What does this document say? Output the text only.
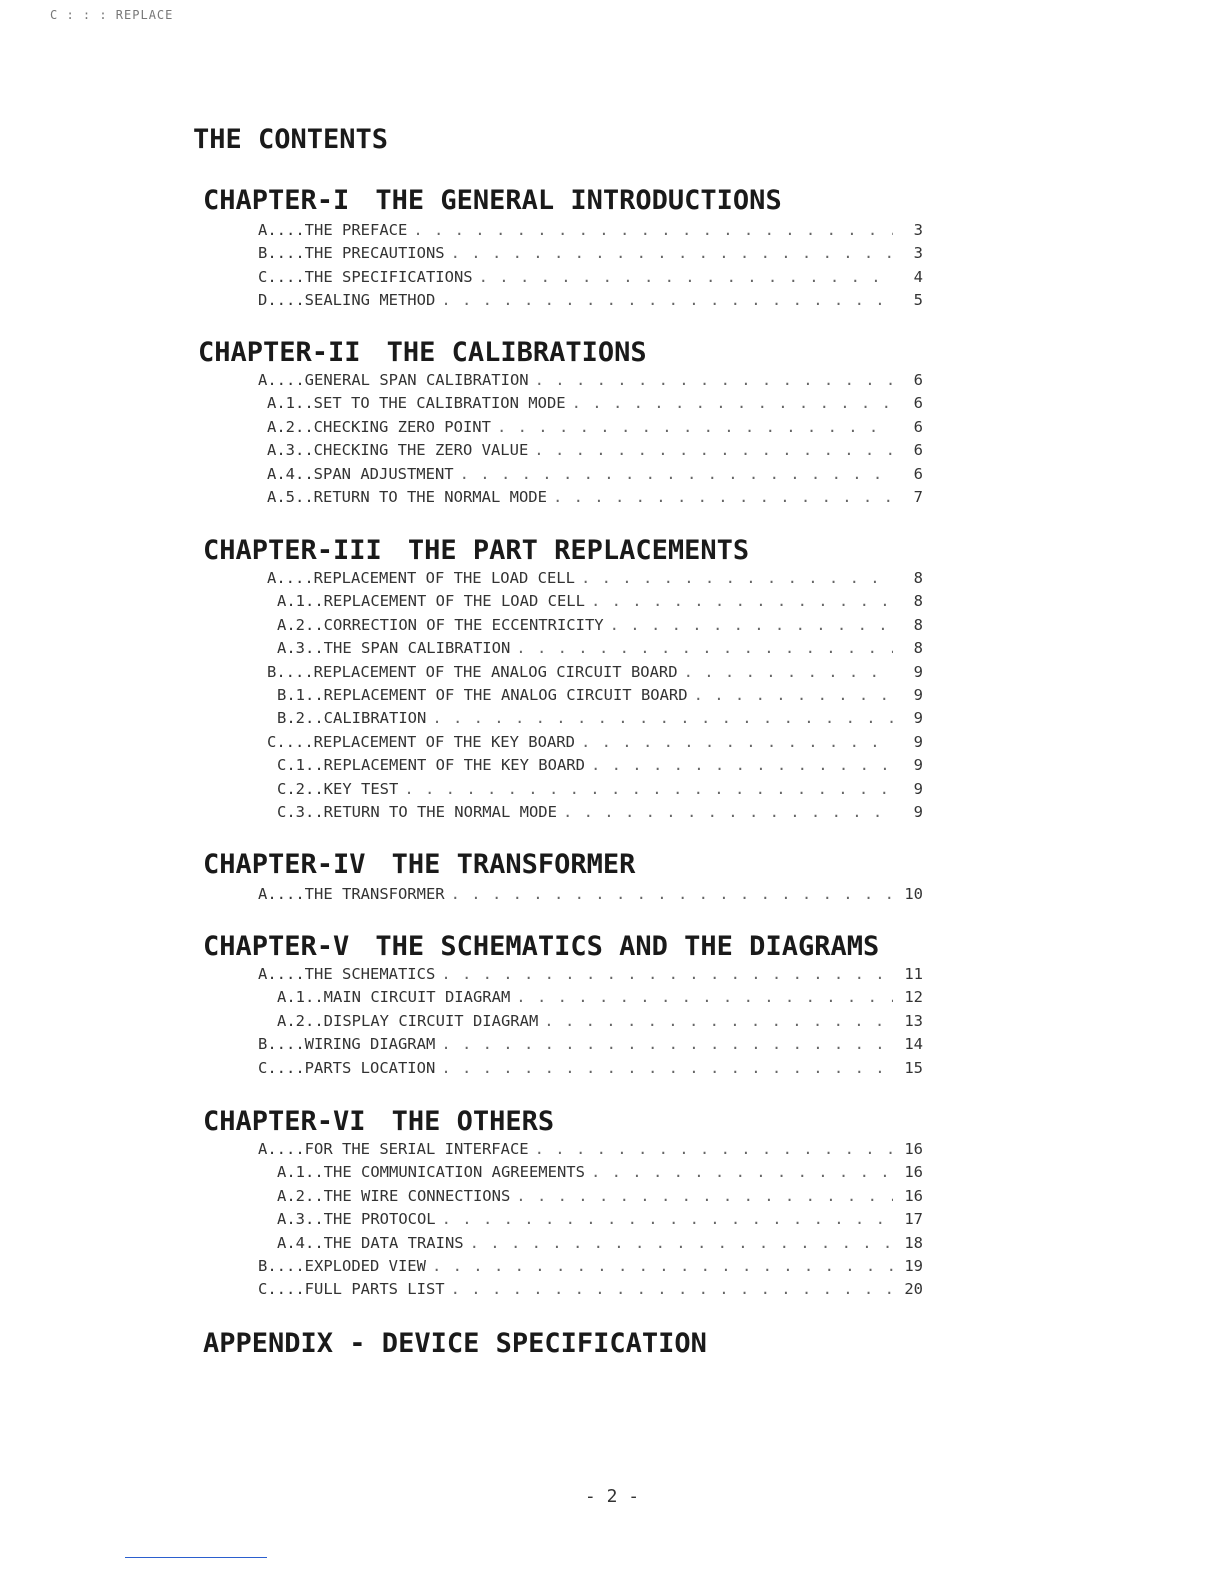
C : : : REPLACE
THE CONTENTS
CHAPTER-I THE GENERAL INTRODUCTIONS
A....THE PREFACE . . .	3
B....THE PRECAUTIONS . . .	3
C....THE SPECIFICATIONS . . .	4
D....SEALING METHOD . . .	5
CHAPTER-II THE CALIBRATIONS
A....GENERAL SPAN CALIBRATION . . .	6
A.1..SET TO THE CALIBRATION MODE . . .	6
A.2..CHECKING ZERO POINT . . .	6
A.3..CHECKING THE ZERO VALUE . . .	6
A.4..SPAN ADJUSTMENT . . .	6
A.5..RETURN TO THE NORMAL MODE . . .	7
CHAPTER-III THE PART REPLACEMENTS
A....REPLACEMENT OF THE LOAD CELL . . .	8
A.1..REPLACEMENT OF THE LOAD CELL . . .	8
A.2..CORRECTION OF THE ECCENTRICITY . . .	8
A.3..THE SPAN CALIBRATION . . .	8
B....REPLACEMENT OF THE ANALOG CIRCUIT BOARD . . .	9
B.1..REPLACEMENT OF THE ANALOG CIRCUIT BOARD . . .	9
B.2..CALIBRATION . . .	9
C....REPLACEMENT OF THE KEY BOARD . . .	9
C.1..REPLACEMENT OF THE KEY BOARD . . .	9
C.2..KEY TEST . . .	9
C.3..RETURN TO THE NORMAL MODE . . .	9
CHAPTER-IV THE TRANSFORMER
A....THE TRANSFORMER . . .	10
CHAPTER-V THE SCHEMATICS AND THE DIAGRAMS
A....THE SCHEMATICS . . .	11
A.1..MAIN CIRCUIT DIAGRAM . . .	12
A.2..DISPLAY CIRCUIT DIAGRAM . . .	13
B....WIRING DIAGRAM . . .	14
C....PARTS LOCATION . . .	15
CHAPTER-VI THE OTHERS
A....FOR THE SERIAL INTERFACE . . .	16
A.1..THE COMMUNICATION AGREEMENTS . . .	16
A.2..THE WIRE CONNECTIONS . . .	16
A.3..THE PROTOCOL . . .	17
A.4..THE DATA TRAINS . . .	18
B....EXPLODED VIEW . . .	19
C....FULL PARTS LIST . . .	20
APPENDIX - DEVICE SPECIFICATION
- 2 -
